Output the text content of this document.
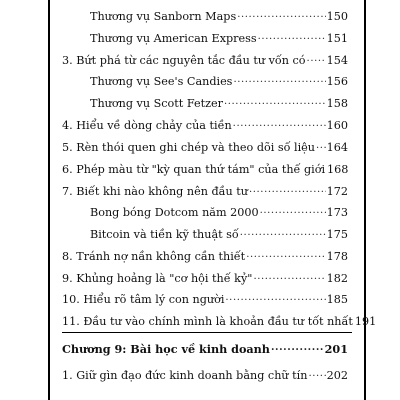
Thương vụ Sanborn Maps .....	150
Thương vụ American Express .....	151
3. Bứt phá từ các nguyên tắc đầu tư vốn có ..... 154
Thương vụ See's Candies .....	156
Thương vụ Scott Fetzer .....	158
4. Hiểu về dòng chảy của tiền .....	160
5. Rèn thói quen ghi chép và theo dõi số liệu ..... 164
6. Phép màu từ "kỳ quan thứ tám" của thế giới 168
7. Biết khi nào không nên đầu tư .....	172
Bong bóng Dotcom năm 2000 .....	173
Bitcoin và tiền kỹ thuật số .....	175
8. Tránh nợ nần không cần thiết .....	178
9. Khủng hoảng là "cơ hội thế kỷ" .....	182
10. Hiểu rõ tâm lý con người .....	185
11. Đầu tư vào chính mình là khoản đầu tư tốt nhất 191
Chương 9: Bài học về kinh doanh .....	201
1. Giữ gìn đạo đức kinh doanh bằng chữ tín ..... 202
